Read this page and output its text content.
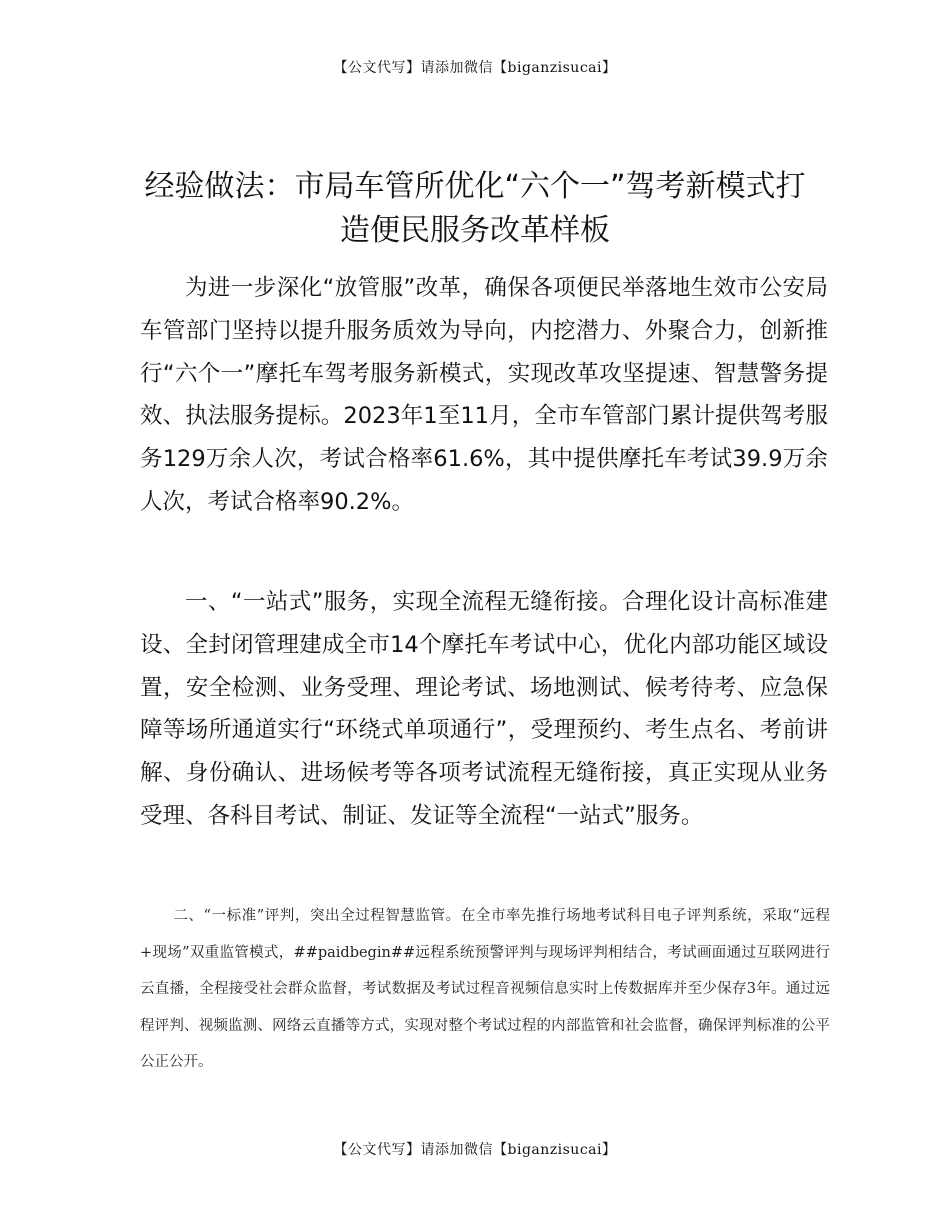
【公文代写】请添加微信【biganzisucai】
经验做法：市局车管所优化“六个一”驾考新模式打造便民服务改革样板

为进一步深化“放管服”改革，确保各项便民举落地生效市公安局车管部门坚持以提升服务质效为导向，内挖潜力、外聚合力，创新推行“六个一”摩托车驾考服务新模式，实现改革攻坚提速、智慧警务提效、执法服务提标。2023年1至11月，全市车管部门累计提供驾考服务129万余人次，考试合格率61.6%，其中提供摩托车考试39.9万余人次，考试合格率90.2%。

一、“一站式”服务，实现全流程无缝衔接。合理化设计高标准建设、全封闭管理建成全市14个摩托车考试中心，优化内部功能区域设置，安全检测、业务受理、理论考试、场地测试、候考待考、应急保障等场所通道实行“环绕式单项通行”，受理预约、考生点名、考前讲解、身份确认、进场候考等各项考试流程无缝衔接，真正实现从业务受理、各科目考试、制证、发证等全流程“一站式”服务。

二、“一标准”评判，突出全过程智慧监管。在全市率先推行场地考试科目电子评判系统，采取“远程+现场”双重监管模式，##paidbegin##远程系统预警评判与现场评判相结合，考试画面通过互联网进行云直播，全程接受社会群众监督，考试数据及考试过程音视频信息实时上传数据库并至少保存3年。通过远程评判、视频监测、网络云直播等方式，实现对整个考试过程的内部监管和社会监督，确保评判标准的公平公正公开。

【公文代写】请添加微信【biganzisucai】
